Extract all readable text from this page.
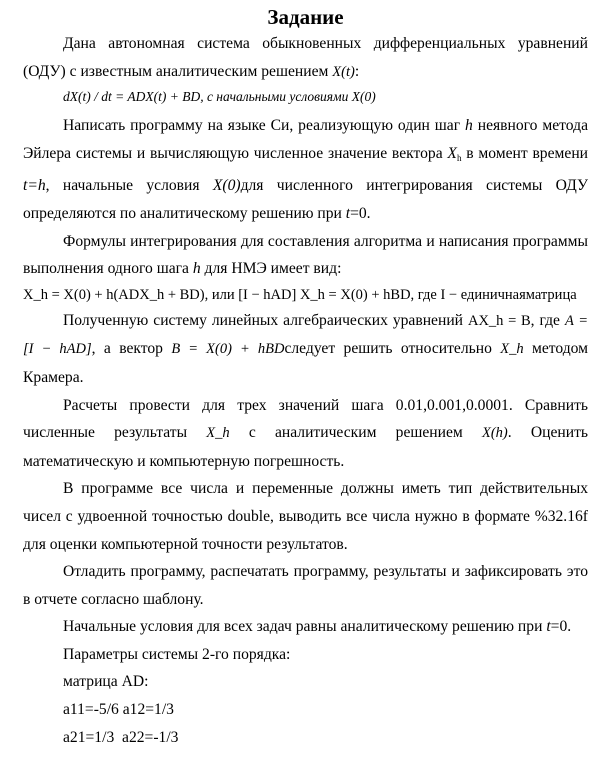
Задание

Дана автономная система обыкновенных дифференциальных уравнений (ОДУ) с известным аналитическим решением X(t):

dX(t) / dt = ADX(t) + BD, с начальными условиями X(0)

Написать программу на языке Си, реализующую один шаг h неявного метода Эйлера системы и вычисляющую численное значение вектора $X_h$ в момент времени t=h, начальные условия X(0)для численного интегрирования системы ОДУ определяются по аналитическому решению при t=0.

Формулы интегрирования для составления алгоритма и написания программы выполнения одного шага h для НМЭ имеет вид:

X_h = X(0) + h(ADX_h + BD), или [I − hAD] X_h = X(0) + hBD, где I − единичнаяматрица

Полученную систему линейных алгебраических уравнений AX_h = B, где A = [I − hAD], а вектор B = X(0) + hBDследует решить относительно X_h методом Крамера.

Расчеты провести для трех значений шага 0.01,0.001,0.0001. Сравнить численные результаты X_h с аналитическим решением X(h). Оценить математическую и компьютерную погрешность.

В программе все числа и переменные должны иметь тип действительных чисел с удвоенной точностью double, выводить все числа нужно в формате %32.16f для оценки компьютерной точности результатов.

Отладить программу, распечатать программу, результаты и зафиксировать это в отчете согласно шаблону.

Начальные условия для всех задач равны аналитическому решению при t=0.

Параметры системы 2-го порядка:

матрица AD:

a11=-5/6 a12=1/3

a21=1/3  a22=-1/3
